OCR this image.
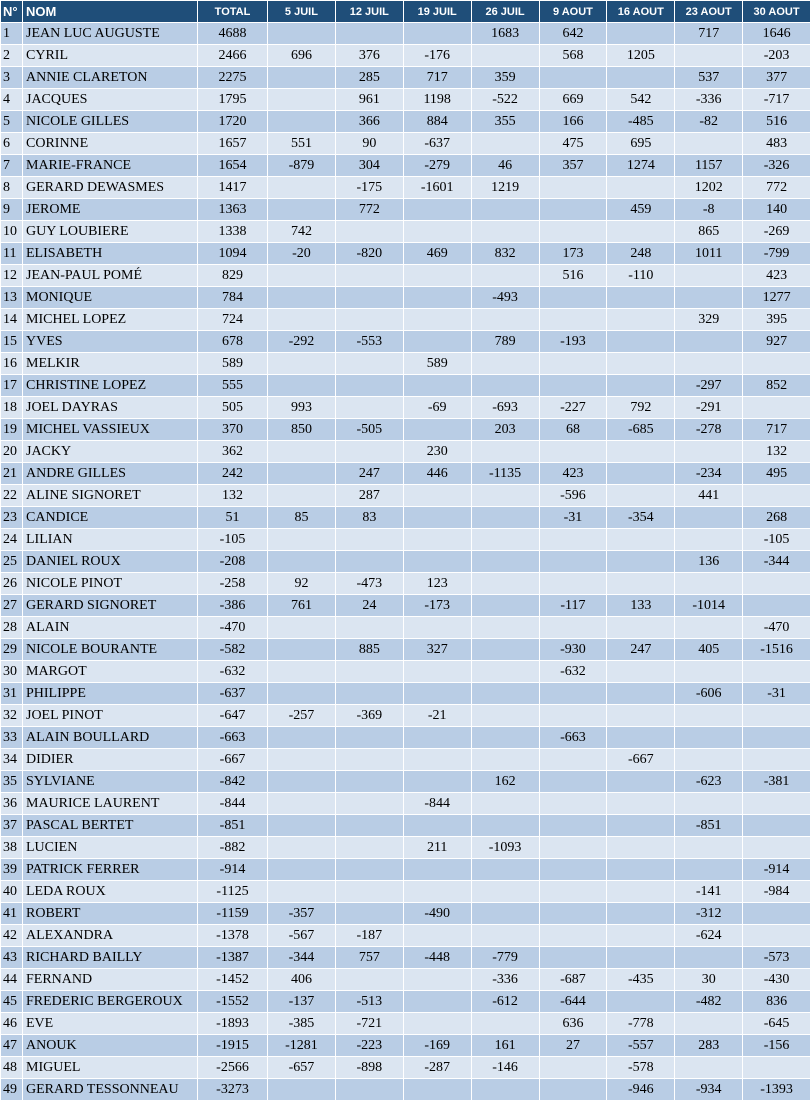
N°	NOM	TOTAL	5 JUIL	12 JUIL	19 JUIL	26 JUIL	9 AOUT	16 AOUT	23 AOUT	30 AOUT
1	JEAN LUC AUGUSTE	4688				1683	642		717	1646
2	CYRIL	2466	696	376	-176		568	1205		-203
3	ANNIE CLARETON	2275		285	717	359			537	377
4	JACQUES	1795		961	1198	-522	669	542	-336	-717
5	NICOLE GILLES	1720		366	884	355	166	-485	-82	516
6	CORINNE	1657	551	90	-637		475	695		483
7	MARIE-FRANCE	1654	-879	304	-279	46	357	1274	1157	-326
8	GERARD DEWASMES	1417		-175	-1601	1219			1202	772
9	JEROME	1363		772				459	-8	140
10	GUY LOUBIERE	1338	742						865	-269
11	ELISABETH	1094	-20	-820	469	832	173	248	1011	-799
12	JEAN-PAUL POMÉ	829					516	-110		423
13	MONIQUE	784				-493				1277
14	MICHEL LOPEZ	724							329	395
15	YVES	678	-292	-553		789	-193			927
16	MELKIR	589			589					
17	CHRISTINE LOPEZ	555							-297	852
18	JOEL DAYRAS	505	993		-69	-693	-227	792	-291	
19	MICHEL VASSIEUX	370	850	-505		203	68	-685	-278	717
20	JACKY	362			230					132
21	ANDRE GILLES	242		247	446	-1135	423		-234	495
22	ALINE SIGNORET	132		287			-596		441	
23	CANDICE	51	85	83			-31	-354		268
24	LILIAN	-105								-105
25	DANIEL ROUX	-208							136	-344
26	NICOLE PINOT	-258	92	-473	123					
27	GERARD SIGNORET	-386	761	24	-173		-117	133	-1014	
28	ALAIN	-470								-470
29	NICOLE BOURANTE	-582		885	327		-930	247	405	-1516
30	MARGOT	-632					-632			
31	PHILIPPE	-637							-606	-31
32	JOEL PINOT	-647	-257	-369	-21					
33	ALAIN BOULLARD	-663					-663			
34	DIDIER	-667						-667		
35	SYLVIANE	-842				162			-623	-381
36	MAURICE LAURENT	-844			-844					
37	PASCAL BERTET	-851							-851	
38	LUCIEN	-882			211	-1093				
39	PATRICK FERRER	-914								-914
40	LEDA ROUX	-1125							-141	-984
41	ROBERT	-1159	-357		-490				-312	
42	ALEXANDRA	-1378	-567	-187					-624	
43	RICHARD BAILLY	-1387	-344	757	-448	-779				-573
44	FERNAND	-1452	406			-336	-687	-435	30	-430
45	FREDERIC BERGEROUX	-1552	-137	-513		-612	-644		-482	836
46	EVE	-1893	-385	-721			636	-778		-645
47	ANOUK	-1915	-1281	-223	-169	161	27	-557	283	-156
48	MIGUEL	-2566	-657	-898	-287	-146		-578		
49	GERARD TESSONNEAU	-3273						-946	-934	-1393
